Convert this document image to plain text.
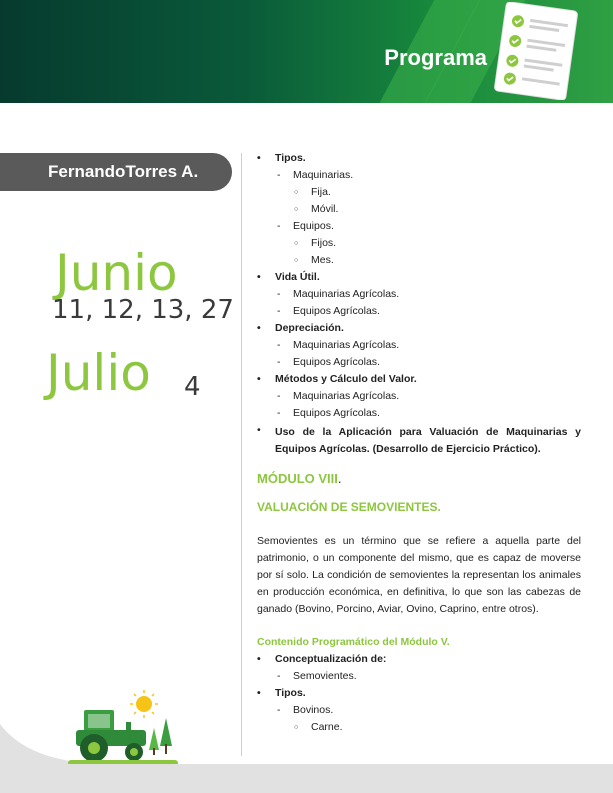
Programa
FernandoTorres A.
Junio
11, 12, 13, 27
Julio 4
• Tipos.
- Maquinarias.
○ Fija.
○ Móvil.
- Equipos.
○ Fijos.
○ Mes.
• Vida Útil.
- Maquinarias Agrícolas.
- Equipos Agrícolas.
• Depreciación.
- Maquinarias Agrícolas.
- Equipos Agrícolas.
• Métodos y Cálculo del Valor.
- Maquinarias Agrícolas.
- Equipos Agrícolas.
• Uso de la Aplicación para Valuación de Maquinarias y Equipos Agrícolas. (Desarrollo de Ejercicio Práctico).
MÓDULO VIII.
VALUACIÓN DE SEMOVIENTES.
Semovientes es un término que se refiere a aquella parte del patrimonio, o un componente del mismo, que es capaz de moverse por sí solo. La condición de semovientes la representan los animales en producción económica, en definitiva, lo que son las cabezas de ganado (Bovino, Porcino, Aviar, Ovino, Caprino, entre otros).
Contenido Programático del Módulo V.
• Conceptualización de:
- Semovientes.
• Tipos.
- Bovinos.
○ Carne.
